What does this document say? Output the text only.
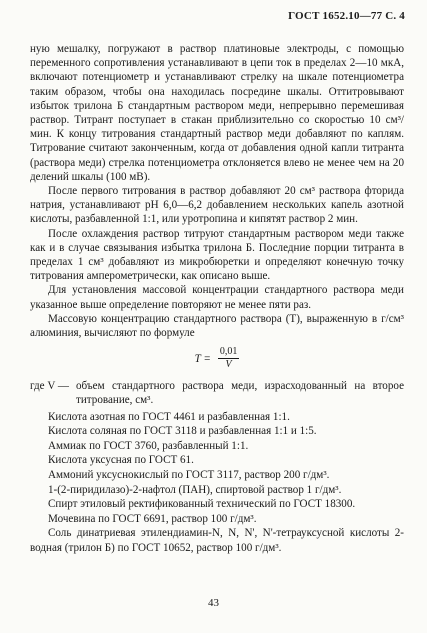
ГОСТ 1652.10—77 С. 4

ную мешалку, погружают в раствор платиновые электроды, с помощью переменного сопротивления устанавливают в цепи ток в пределах 2—10 мкА, включают потенциометр и устанавливают стрелку на шкале потенциометра таким образом, чтобы она находилась посредине шкалы. Оттитровывают избыток трилона Б стандартным раствором меди, непрерывно перемешивая раствор. Титрант поступает в стакан приблизительно со скоростью 10 см³/мин. К концу титрования стандартный раствор меди добавляют по каплям. Титрование считают законченным, когда от добавления одной капли титранта (раствора меди) стрелка потенциометра отклоняется влево не менее чем на 20 делений шкалы (100 мВ).

После первого титрования в раствор добавляют 20 см³ раствора фторида натрия, устанавливают pH 6,0—6,2 добавлением нескольких капель азотной кислоты, разбавленной 1:1, или уротропина и кипятят раствор 2 мин.

После охлаждения раствор титруют стандартным раствором меди также как и в случае связывания избытка трилона Б. Последние порции титранта в пределах 1 см³ добавляют из микробюретки и определяют конечную точку титрования амперометрически, как описано выше.

Для установления массовой концентрации стандартного раствора меди указанное выше определение повторяют не менее пяти раз.

Массовую концентрацию стандартного раствора (T), выраженную в г/см³ алюминия, вычисляют по формуле

$T = \frac{0,01}{V}$
где V — объем стандартного раствора меди, израсходованный на второе титрование, см³.

Кислота азотная по ГОСТ 4461 и разбавленная 1:1.

Кислота соляная по ГОСТ 3118 и разбавленная 1:1 и 1:5.

Аммиак по ГОСТ 3760, разбавленный 1:1.

Кислота уксусная по ГОСТ 61.

Аммоний уксуснокислый по ГОСТ 3117, раствор 200 г/дм³.

1-(2-пиридилазо)-2-нафтол (ПАН), спиртовой раствор 1 г/дм³.

Спирт этиловый ректификованный технический по ГОСТ 18300.

Мочевина по ГОСТ 6691, раствор 100 г/дм³.

Соль динатриевая этилендиамин-N, N, N', N'-тетрауксусной кислоты 2-водная (трилон Б) по ГОСТ 10652, раствор 100 г/дм³.

43
